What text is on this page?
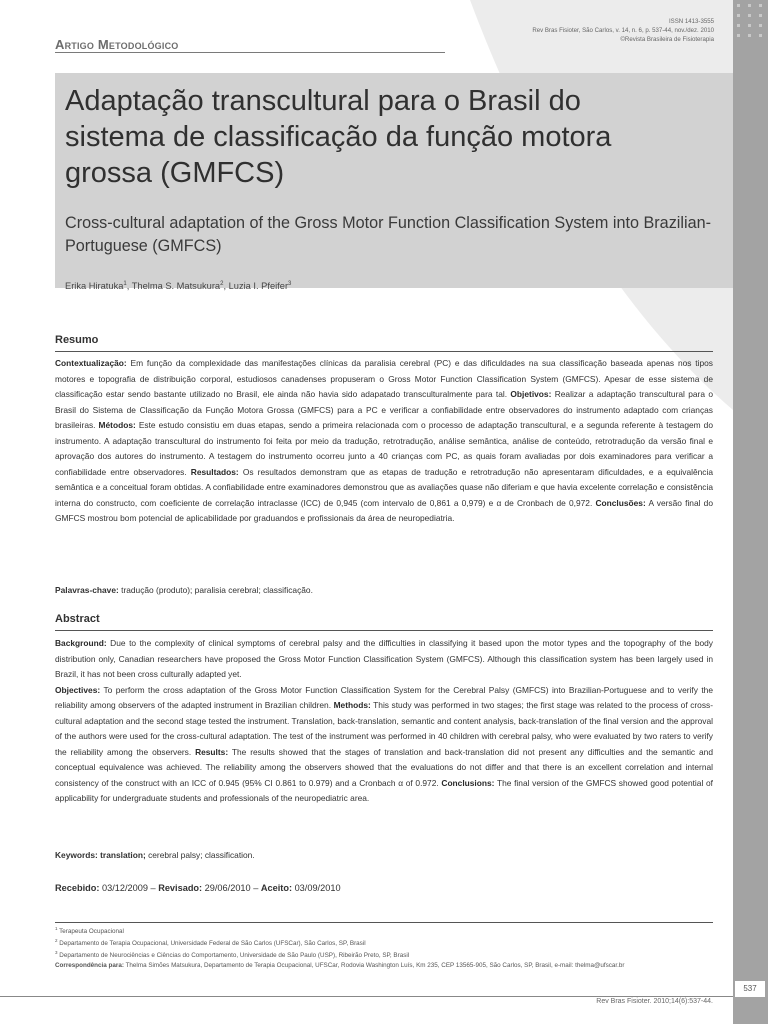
Artigo Metodológico
ISSN 1413-3555
Rev Bras Fisioter, São Carlos, v. 14, n. 6, p. 537-44, nov./dez. 2010
©Revista Brasileira de Fisioterapia
Adaptação transcultural para o Brasil do sistema de classificação da função motora grossa (GMFCS)
Cross-cultural adaptation of the Gross Motor Function Classification System into Brazilian-Portuguese (GMFCS)
Erika Hiratuka$^1$, Thelma S. Matsukura$^2$, Luzia I. Pfeifer$^3$
Resumo
Contextualização: Em função da complexidade das manifestações clínicas da paralisia cerebral (PC) e das dificuldades na sua classificação baseada apenas nos tipos motores e topografia de distribuição corporal, estudiosos canadenses propuseram o Gross Motor Function Classification System (GMFCS). Apesar de esse sistema de classificação estar sendo bastante utilizado no Brasil, ele ainda não havia sido adapatado transculturalmente para tal. Objetivos: Realizar a adaptação transcultural para o Brasil do Sistema de Classificação da Função Motora Grossa (GMFCS) para a PC e verificar a confiabilidade entre observadores do instrumento adaptado com crianças brasileiras. Métodos: Este estudo consistiu em duas etapas, sendo a primeira relacionada com o processo de adaptação transcultural, e a segunda referente à testagem do instrumento. A adaptação transcultural do instrumento foi feita por meio da tradução, retrotradução, análise semântica, análise de conteúdo, retrotradução da versão final e aprovação dos autores do instrumento. A testagem do instrumento ocorreu junto a 40 crianças com PC, as quais foram avaliadas por dois examinadores para verificar a confiabilidade entre observadores. Resultados: Os resultados demonstram que as etapas de tradução e retrotradução não apresentaram dificuldades, e a equivalência semântica e a conceitual foram obtidas. A confiabilidade entre examinadores demonstrou que as avaliações quase não diferiam e que havia excelente correlação e consistência interna do constructo, com coeficiente de correlação intraclasse (ICC) de 0,945 (com intervalo de 0,861 a 0,979) e α de Cronbach de 0,972. Conclusões: A versão final do GMFCS mostrou bom potencial de aplicabilidade por graduandos e profissionais da área de neuropediatria.
Palavras-chave: tradução (produto); paralisia cerebral; classificação.
Abstract
Background: Due to the complexity of clinical symptoms of cerebral palsy and the difficulties in classifying it based upon the motor types and the topography of the body distribution only, Canadian researchers have proposed the Gross Motor Function Classification System (GMFCS). Although this classification system has been largely used in Brazil, it has not been cross culturally adapted yet.
Objectives: To perform the cross adaptation of the Gross Motor Function Classification System for the Cerebral Palsy (GMFCS) into Brazilian-Portuguese and to verify the reliability among observers of the adapted instrument in Brazilian children. Methods: This study was performed in two stages; the first stage was related to the process of cross-cultural adaptation and the second stage tested the instrument. Translation, back-translation, semantic and content analysis, back-translation of the final version and the approval of the authors were used for the cross-cultural adaptation. The test of the instrument was performed in 40 children with cerebral palsy, who were evaluated by two raters to verify the reliability among the observers. Results: The results showed that the stages of translation and back-translation did not present any difficulties and the semantic and conceptual equivalence was achieved. The reliability among the observers showed that the evaluations do not differ and that there is an excellent correlation and internal consistency of the construct with an ICC of 0.945 (95% CI 0.861 to 0.979) and a Cronbach α of 0.972. Conclusions: The final version of the GMFCS showed good potential of applicability for undergraduate students and professionals of the neuropediatric area.
Keywords: translation; cerebral palsy; classification.
Recebido: 03/12/2009 – Revisado: 29/06/2010 – Aceito: 03/09/2010
$^1$ Terapeuta Ocupacional
$^2$ Departamento de Terapia Ocupacional, Universidade Federal de São Carlos (UFSCar), São Carlos, SP, Brasil
$^3$ Departamento de Neurociências e Ciências do Comportamento, Universidade de São Paulo (USP), Ribeirão Preto, SP, Brasil
Correspondência para: Thelma Simões Matsukura, Departamento de Terapia Ocupacional, UFSCar, Rodovia Washington Luís, Km 235, CEP 13565-905, São Carlos, SP, Brasil, e-mail: thelma@ufscar.br
Rev Bras Fisioter. 2010;14(6):537-44.
537
